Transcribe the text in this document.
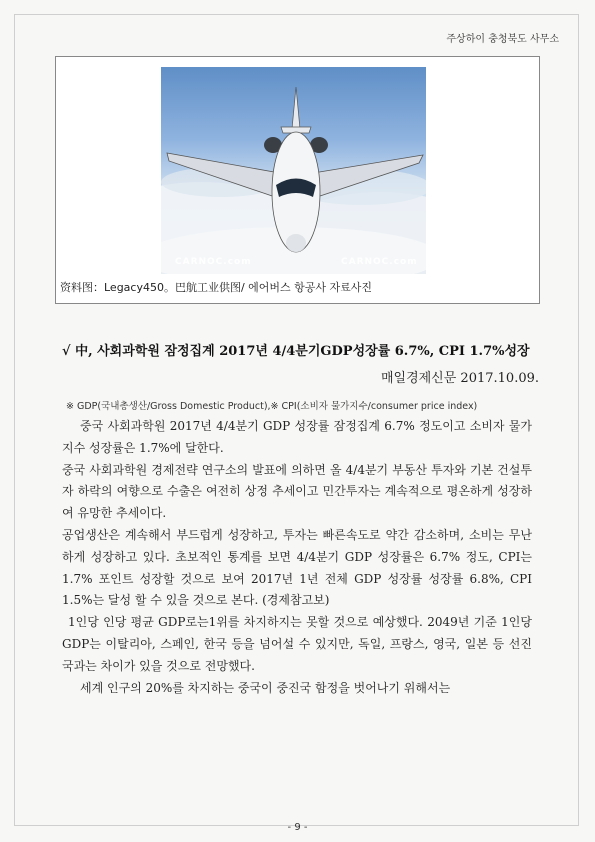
주상하이 충청북도 사무소
CARNOC.com	CARNOC.com
资料图：Legacy450。巴航工业供图/ 에어버스 항공사 자료사진
√ 中, 사회과학원 잠정집계 2017년 4/4분기GDP성장률 6.7%, CPI 1.7%성장
매일경제신문 2017.10.09.
※ GDP(국내총생산/Gross Domestic Product),※ CPI(소비자 물가지수/consumer price index)

중국 사회과학원 2017년 4/4분기 GDP 성장률 잠정집계 6.7% 정도이고 소비자 물가지수 성장률은 1.7%에 달한다.

중국 사회과학원 경제전략 연구소의 발표에 의하면 올 4/4분기 부동산 투자와 기본 건설투자 하락의 여향으로 수출은 여전히 상정 추세이고 민간투자는 계속적으로 평온하게 성장하여 유망한 추세이다.

공업생산은 계속해서 부드럽게 성장하고, 투자는 빠른속도로 약간 감소하며, 소비는 무난하게 성장하고 있다. 초보적인 통계를 보면 4/4분기 GDP 성장률은 6.7% 정도, CPI는 1.7% 포인트 성장할 것으로 보여 2017년 1년 전체 GDP 성장률 성장률 6.8%, CPI 1.5%는 달성 할 수 있을 것으로 본다. (경제참고보)

1인당 인당 평균 GDP로는1위를 차지하지는 못할 것으로 예상했다. 2049년 기준 1인당 GDP는 이탈리아, 스페인, 한국 등을 넘어설 수 있지만, 독일, 프랑스, 영국, 일본 등 선진국과는 차이가 있을 것으로 전망했다.

세계 인구의 20%를 차지하는 중국이 중진국 함정을 벗어나기 위해서는

- 9 -
